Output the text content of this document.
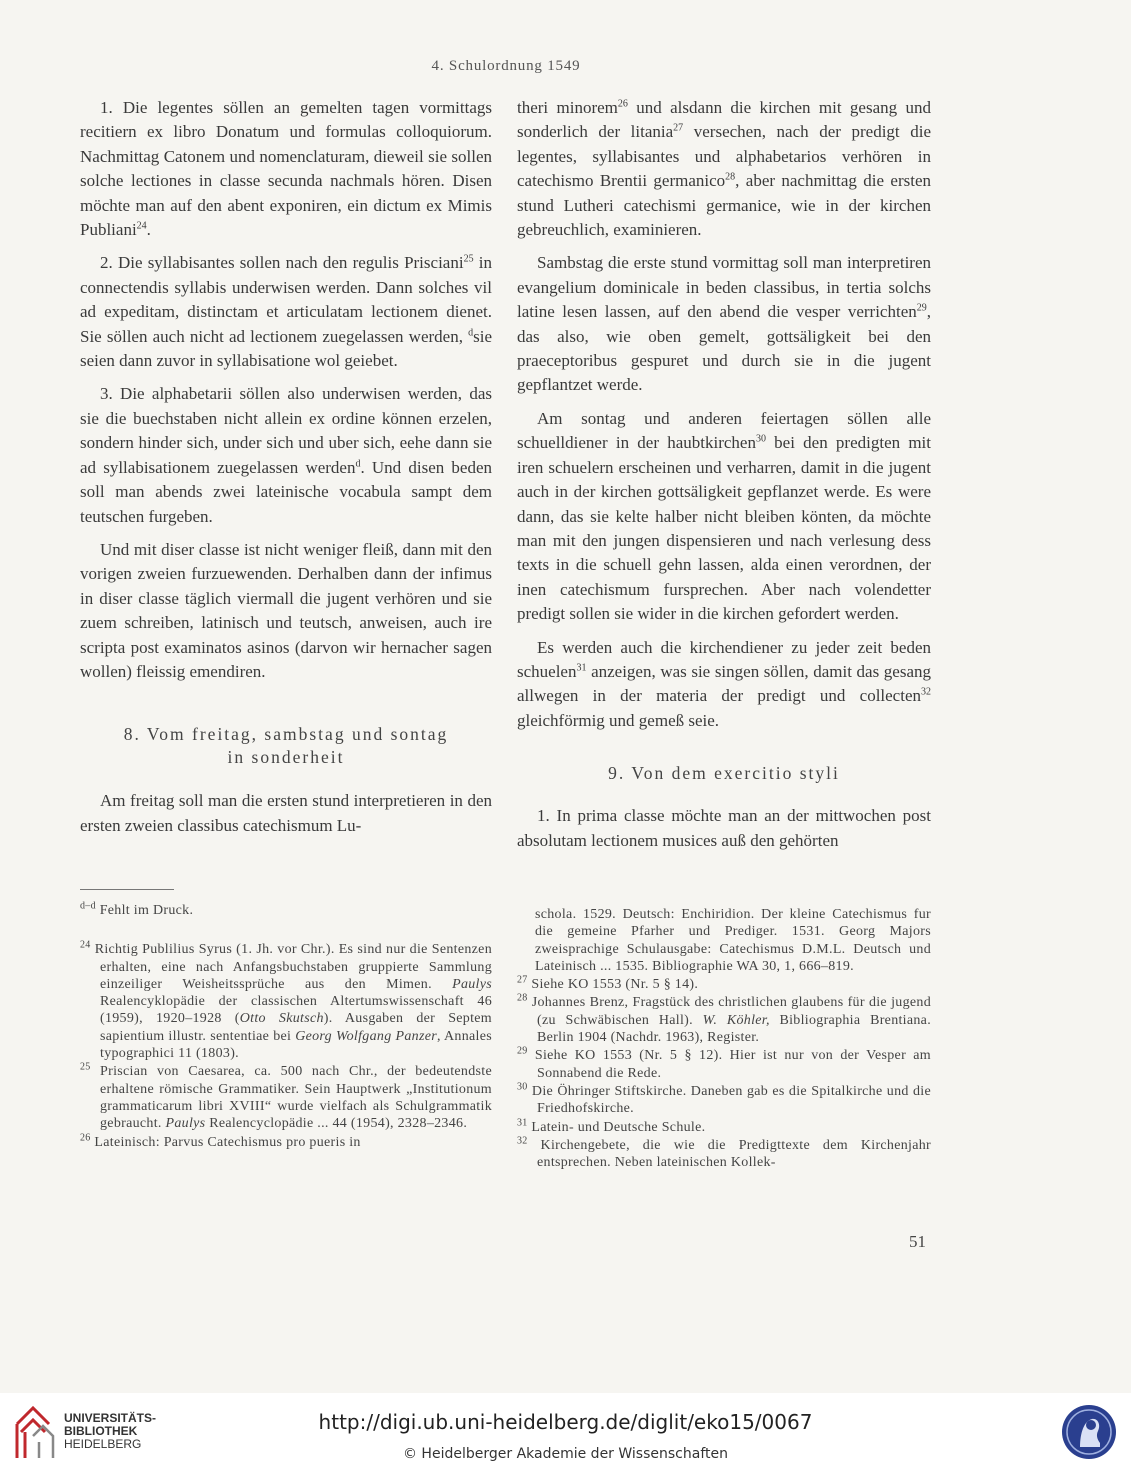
4. Schulordnung 1549

1. Die legentes söllen an gemelten tagen vormittags recitiern ex libro Donatum und formulas colloquiorum. Nachmittag Catonem und nomenclaturam, dieweil sie sollen solche lectiones in classe secunda nachmals hören. Disen möchte man auf den abent exponiren, ein dictum ex Mimis Publiani$^{24}$.

2. Die syllabisantes sollen nach den regulis Prisciani$^{25}$ in connectendis syllabis underwisen werden. Dann solches vil ad expeditam, distinctam et articulatam lectionem dienet. Sie söllen auch nicht ad lectionem zuegelassen werden, $^d$sie seien dann zuvor in syllabisatione wol geiebet.

3. Die alphabetarii söllen also underwisen werden, das sie die buechstaben nicht allein ex ordine können erzelen, sondern hinder sich, under sich und uber sich, eehe dann sie ad syllabisationem zuegelassen werden$^d$. Und disen beden soll man abends zwei lateinische vocabula sampt dem teutschen furgeben.

Und mit diser classe ist nicht weniger fleiß, dann mit den vorigen zweien furzuewenden. Derhalben dann der infimus in diser classe täglich viermall die jugent verhören und sie zuem schreiben, latinisch und teutsch, anweisen, auch ire scripta post examinatos asinos (darvon wir hernacher sagen wollen) fleissig emendiren.

8. Vom freitag, sambstag und sontag
in sonderheit

Am freitag soll man die ersten stund interpretieren in den ersten zweien classibus catechismum Lu-

theri minorem$^{26}$ und alsdann die kirchen mit gesang und sonderlich der litania$^{27}$ versechen, nach der predigt die legentes, syllabisantes und alphabetarios verhören in catechismo Brentii germanico$^{28}$, aber nachmittag die ersten stund Lutheri catechismi germanice, wie in der kirchen gebreuchlich, examinieren.

Sambstag die erste stund vormittag soll man interpretiren evangelium dominicale in beden classibus, in tertia solchs latine lesen lassen, auf den abend die vesper verrichten$^{29}$, das also, wie oben gemelt, gottsäligkeit bei den praeceptoribus gespuret und durch sie in die jugent gepflantzet werde.

Am sontag und anderen feiertagen söllen alle schuelldiener in der haubtkirchen$^{30}$ bei den predigten mit iren schuelern erscheinen und verharren, damit in die jugent auch in der kirchen gottsäligkeit gepflanzet werde. Es were dann, das sie kelte halber nicht bleiben könten, da möchte man mit den jungen dispensieren und nach verlesung dess texts in die schuell gehn lassen, alda einen verordnen, der inen catechismum fursprechen. Aber nach volendetter predigt sollen sie wider in die kirchen gefordert werden.

Es werden auch die kirchendiener zu jeder zeit beden schuelen$^{31}$ anzeigen, was sie singen söllen, damit das gesang allwegen in der materia der predigt und collecten$^{32}$ gleichförmig und gemeß seie.

9. Von dem exercitio styli

1. In prima classe möchte man an der mittwochen post absolutam lectionem musices auß den gehörten

$^{d-d}$ Fehlt im Druck.

$^{24}$ Richtig Publilius Syrus (1. Jh. vor Chr.). Es sind nur die Sentenzen erhalten, eine nach Anfangsbuchstaben gruppierte Sammlung einzeiliger Weisheitssprüche aus den Mimen. Paulys Realencyklopädie der classischen Altertumswissenschaft 46 (1959), 1920–1928 (Otto Skutsch). Ausgaben der Septem sapientium illustr. sententiae bei Georg Wolfgang Panzer, Annales typographici 11 (1803).

$^{25}$ Priscian von Caesarea, ca. 500 nach Chr., der bedeutendste erhaltene römische Grammatiker. Sein Hauptwerk „Institutionum grammaticarum libri XVIII“ wurde vielfach als Schulgrammatik gebraucht. Paulys Realencyclopädie ... 44 (1954), 2328–2346.

$^{26}$ Lateinisch: Parvus Catechismus pro pueris in

schola. 1529. Deutsch: Enchiridion. Der kleine Catechismus fur die gemeine Pfarher und Prediger. 1531. Georg Majors zweisprachige Schulausgabe: Catechismus D.M.L. Deutsch und Lateinisch ... 1535. Bibliographie WA 30, 1, 666–819.

$^{27}$ Siehe KO 1553 (Nr. 5 § 14).

$^{28}$ Johannes Brenz, Fragstück des christlichen glaubens für die jugend (zu Schwäbischen Hall). W. Köhler, Bibliographia Brentiana. Berlin 1904 (Nachdr. 1963), Register.

$^{29}$ Siehe KO 1553 (Nr. 5 § 12). Hier ist nur von der Vesper am Sonnabend die Rede.

$^{30}$ Die Öhringer Stiftskirche. Daneben gab es die Spitalkirche und die Friedhofskirche.

$^{31}$ Latein- und Deutsche Schule.

$^{32}$ Kirchengebete, die wie die Predigttexte dem Kirchenjahr entsprechen. Neben lateinischen Kollek-

51
UNIVERSITÄTS-
BIBLIOTHEK
HEIDELBERG
http://digi.ub.uni-heidelberg.de/diglit/eko15/0067
© Heidelberger Akademie der Wissenschaften
